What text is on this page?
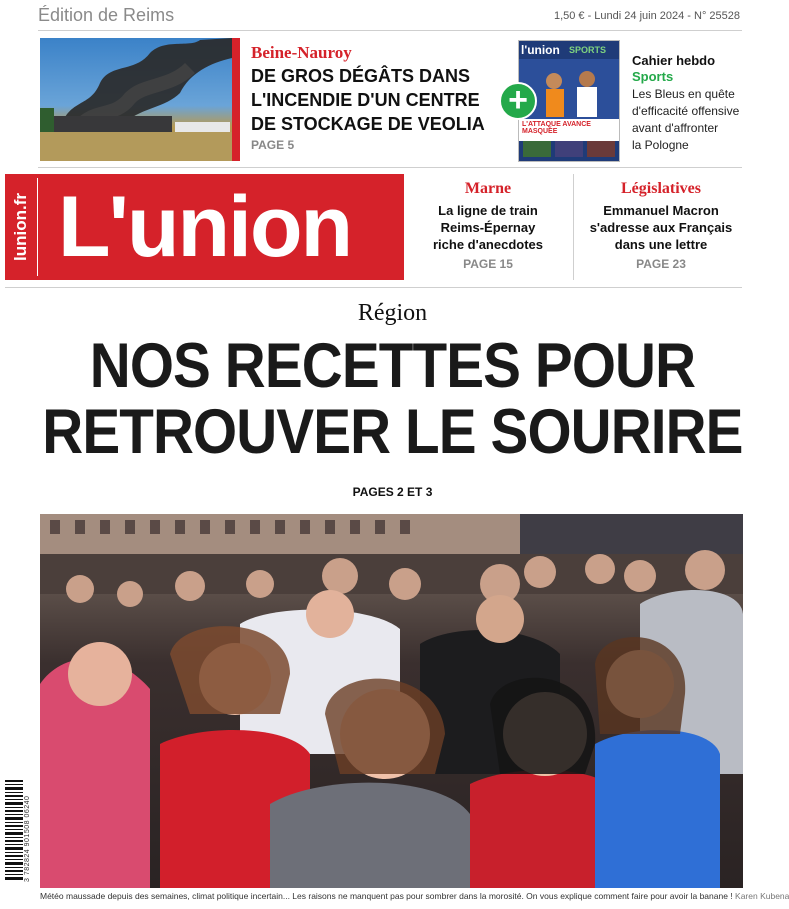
Édition de Reims	1,50 € - Lundi 24 juin 2024 - N° 25528
Beine-Nauroy
DE GROS DÉGÂTS DANS
L'INCENDIE D'UN CENTRE
DE STOCKAGE DE VEOLIA
PAGE 5
l'union SPORTS
L'ATTAQUE AVANCE MASQUÉE
+
Cahier hebdo
Sports
Les Bleus en quête
d'efficacité offensive
avant d'affronter
la Pologne
lunion.fr L'union	Marne
La ligne de train
Reims-Épernay
riche d'anecdotes
PAGE 15
Législatives
Emmanuel Macron
s'adresse aux Français
dans une lettre
PAGE 23
Région
NOS RECETTES POUR
RETROUVER LE SOURIRE
PAGES 2 ET 3
Météo maussade depuis des semaines, climat politique incertain... Les raisons ne manquent pas pour sombrer dans la morosité. On vous explique comment faire pour avoir la banane ! Karen Kubena
3 782824 901508 06240
